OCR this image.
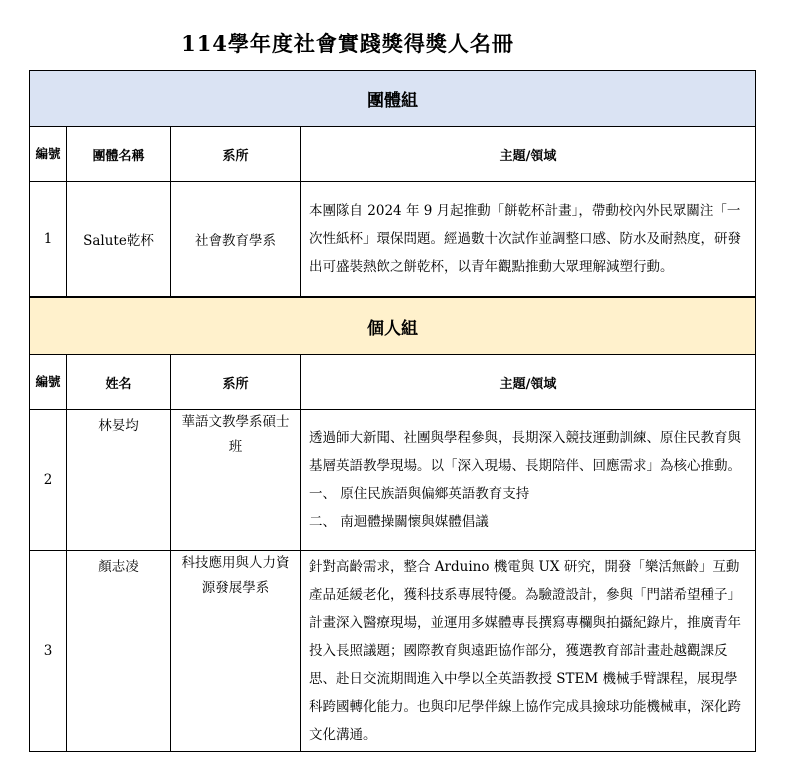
114學年度社會實踐獎得獎人名冊
團體組			
編號	團體名稱	系所	主題/領域
1	Salute乾杯	社會教育學系	本團隊自 2024 年 9 月起推動「餅乾杯計畫」，帶動校內外民眾關注「一次性紙杯」環保問題。經過數十次試作並調整口感、防水及耐熱度，研發出可盛裝熱飲之餅乾杯，以青年觀點推動大眾理解減塑行動。
個人組			
編號	姓名	系所	主題/領域
2	林妟均	華語文教學系碩士班	透過師大新聞、社團與學程參與，長期深入競技運動訓練、原住民教育與基層英語教學現場。以「深入現場、長期陪伴、回應需求」為核心推動。
一、 原住民族語與偏鄉英語教育支持
二、 南迴體操關懷與媒體倡議

3	顏志凌	科技應用與人力資源發展學系	針對高齡需求，整合 Arduino 機電與 UX 研究，開發「樂活無齡」互動產品延緩老化，獲科技系專展特優。為驗證設計，參與「門諾希望種子」計畫深入醫療現場，並運用多媒體專長撰寫專欄與拍攝紀錄片，推廣青年投入長照議題；國際教育與遠距協作部分，獲選教育部計畫赴越觀課反思、赴日交流期間進入中學以全英語教授 STEM 機械手臂課程，展現學科跨國轉化能力。也與印尼學伴線上協作完成具撿球功能機械車，深化跨文化溝通。
